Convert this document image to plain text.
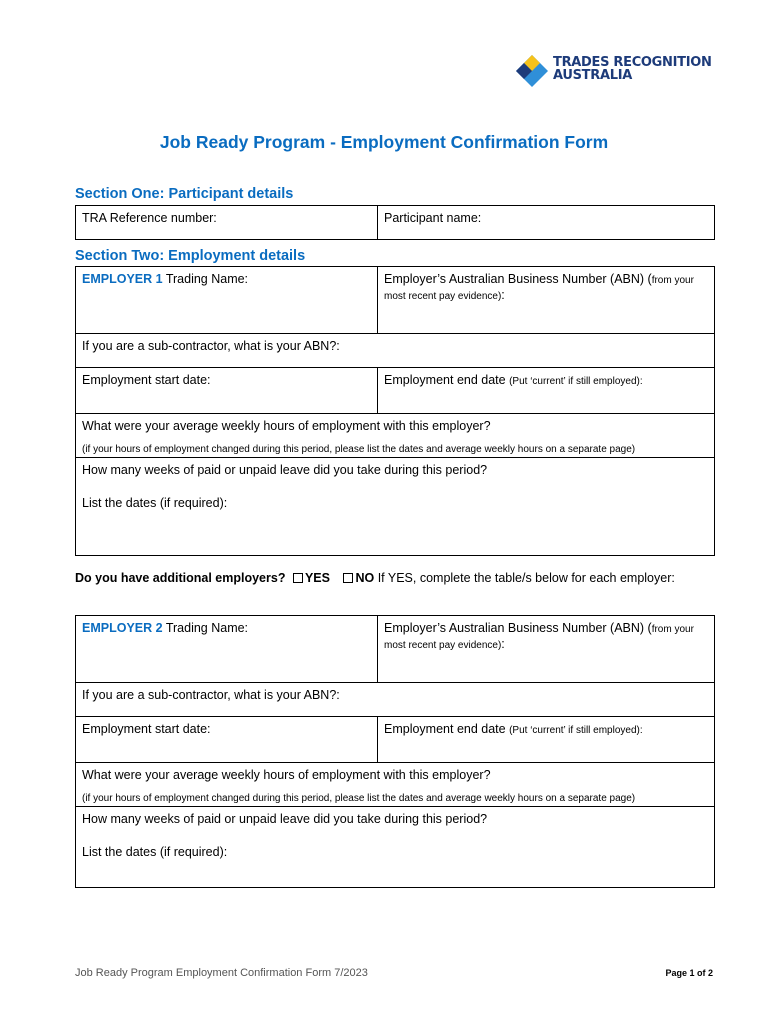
TRADES RECOGNITION
AUSTRALIA
Job Ready Program - Employment Confirmation Form
Section One: Participant details
TRA Reference number:	Participant name:
Section Two: Employment details
EMPLOYER 1 Trading Name:	Employer’s Australian Business Number (ABN) (from your most recent pay evidence):
If you are a sub-contractor, what is your ABN?:
Employment start date:	Employment end date (Put ‘current’ if still employed):
What were your average weekly hours of employment with this employer?
(if your hours of employment changed during this period, please list the dates and average weekly hours on a separate page)
How many weeks of paid or unpaid leave did you take during this period?
List the dates (if required):
Do you have additional employers? YES NO If YES, complete the table/s below for each employer:
EMPLOYER 2 Trading Name:	Employer’s Australian Business Number (ABN) (from your most recent pay evidence):
If you are a sub-contractor, what is your ABN?:
Employment start date:	Employment end date (Put ‘current’ if still employed):
What were your average weekly hours of employment with this employer?
(if your hours of employment changed during this period, please list the dates and average weekly hours on a separate page)
How many weeks of paid or unpaid leave did you take during this period?
List the dates (if required):
Job Ready Program Employment Confirmation Form 7/2023	Page 1 of 2
